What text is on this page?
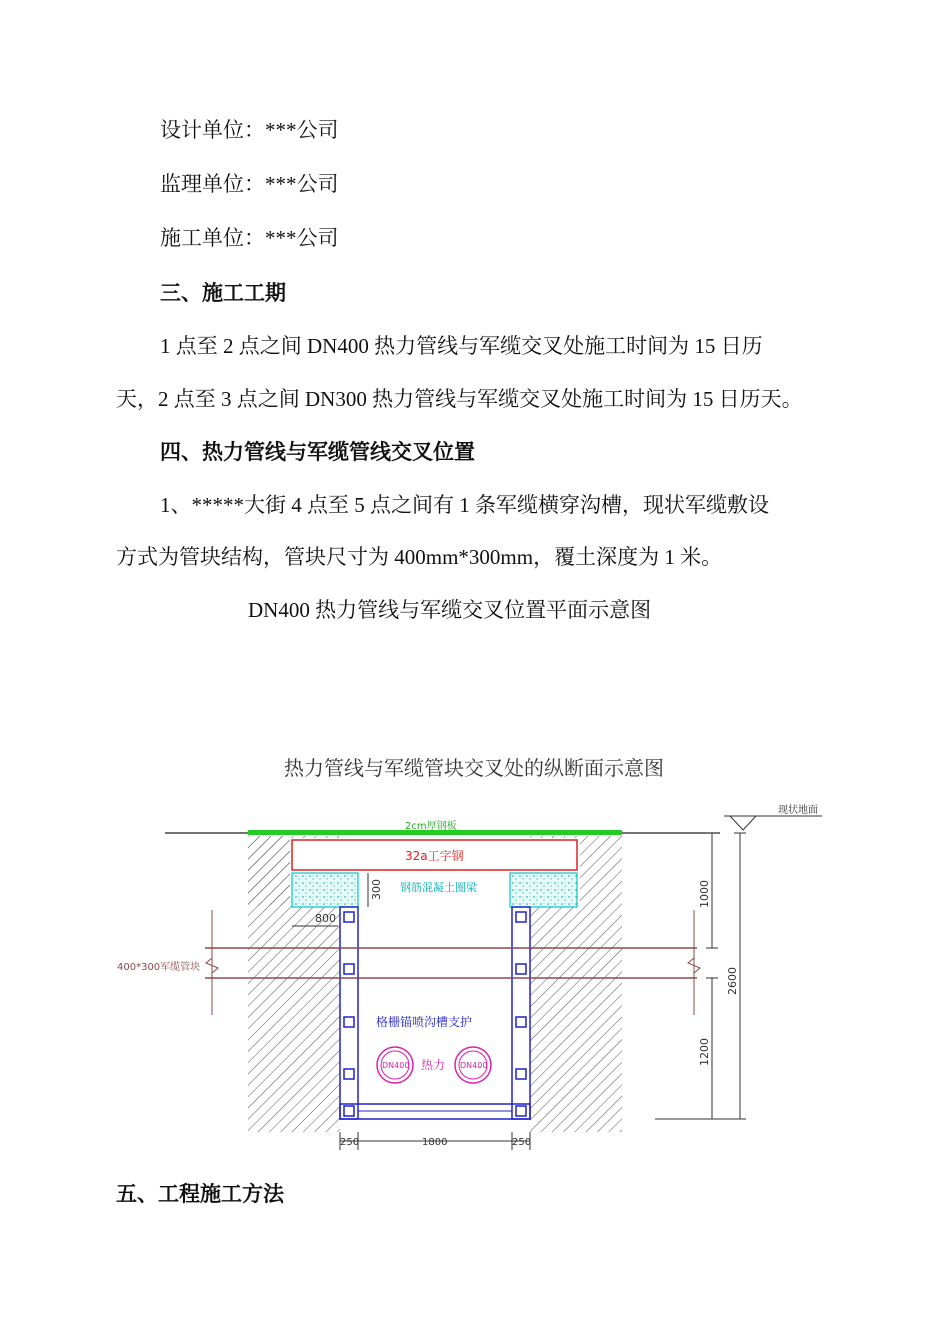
设计单位：***公司
监理单位：***公司
施工单位：***公司
三、施工工期
1 点至 2 点之间 DN400 热力管线与军缆交叉处施工时间为 15 日历
天，2 点至 3 点之间 DN300 热力管线与军缆交叉处施工时间为 15 日历天。
四、热力管线与军缆管线交叉位置
1、*****大街 4 点至 5 点之间有 1 条军缆横穿沟槽，现状军缆敷设
方式为管块结构，管块尺寸为 400mm*300mm，覆土深度为 1 米。
DN400 热力管线与军缆交叉位置平面示意图
热力管线与军缆管块交叉处的纵断面示意图
现状地面
2cm厚钢板
32a工字钢
钢筋混凝土圈梁
300
800
400*300军缆管块
格栅锚喷沟槽支护
DN400	DN400
热力
1000
2600
1200
250	1800	250
五、工程施工方法
